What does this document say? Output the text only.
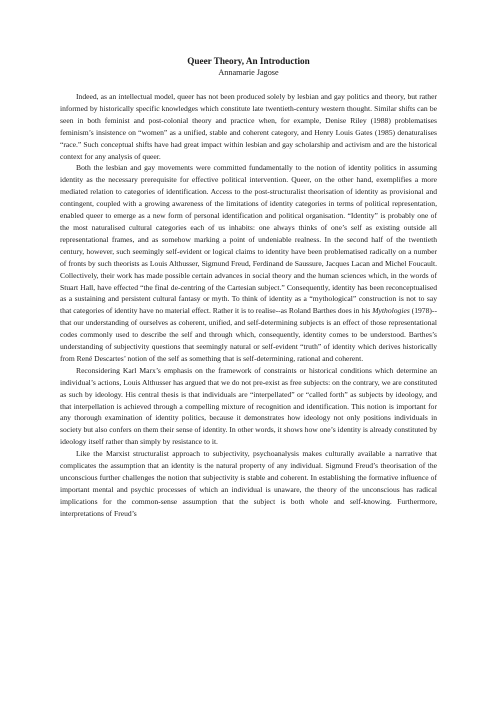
Queer Theory, An Introduction

Annamarie Jagose

Indeed, as an intellectual model, queer has not been produced solely by lesbian and gay politics and theory, but rather informed by historically specific knowledges which constitute late twentieth-century western thought. Similar shifts can be seen in both feminist and post-colonial theory and practice when, for example, Denise Riley (1988) problematises feminism’s insistence on “women” as a unified, stable and coherent category, and Henry Louis Gates (1985) denaturalises “race.” Such conceptual shifts have had great impact within lesbian and gay scholarship and activism and are the historical context for any analysis of queer.

Both the lesbian and gay movements were committed fundamentally to the notion of identity politics in assuming identity as the necessary prerequisite for effective political intervention. Queer, on the other hand, exemplifies a more mediated relation to categories of identification. Access to the post-structuralist theorisation of identity as provisional and contingent, coupled with a growing awareness of the limitations of identity categories in terms of political representation, enabled queer to emerge as a new form of personal identification and political organisation. “Identity” is probably one of the most naturalised cultural categories each of us inhabits: one always thinks of one’s self as existing outside all representational frames, and as somehow marking a point of undeniable realness. In the second half of the twentieth century, however, such seemingly self-evident or logical claims to identity have been problematised radically on a number of fronts by such theorists as Louis Althusser, Sigmund Freud, Ferdinand de Saussure, Jacques Lacan and Michel Foucault. Collectively, their work has made possible certain advances in social theory and the human sciences which, in the words of Stuart Hall, have effected “the final de-centring of the Cartesian subject.” Consequently, identity has been reconceptualised as a sustaining and persistent cultural fantasy or myth. To think of identity as a “mythological” construction is not to say that categories of identity have no material effect. Rather it is to realise--as Roland Barthes does in his Mythologies (1978)--that our understanding of ourselves as coherent, unified, and self-determining subjects is an effect of those representational codes commonly used to describe the self and through which, consequently, identity comes to be understood. Barthes’s understanding of subjectivity questions that seemingly natural or self-evident “truth” of identity which derives historically from René Descartes’ notion of the self as something that is self-determining, rational and coherent.

Reconsidering Karl Marx’s emphasis on the framework of constraints or historical conditions which determine an individual’s actions, Louis Althusser has argued that we do not pre-exist as free subjects: on the contrary, we are constituted as such by ideology. His central thesis is that individuals are “interpellated” or “called forth” as subjects by ideology, and that interpellation is achieved through a compelling mixture of recognition and identification. This notion is important for any thorough examination of identity politics, because it demonstrates how ideology not only positions individuals in society but also confers on them their sense of identity. In other words, it shows how one’s identity is already constituted by ideology itself rather than simply by resistance to it.

Like the Marxist structuralist approach to subjectivity, psychoanalysis makes culturally available a narrative that complicates the assumption that an identity is the natural property of any individual. Sigmund Freud’s theorisation of the unconscious further challenges the notion that subjectivity is stable and coherent. In establishing the formative influence of important mental and psychic processes of which an individual is unaware, the theory of the unconscious has radical implications for the common-sense assumption that the subject is both whole and self-knowing. Furthermore, interpretations of Freud’s
